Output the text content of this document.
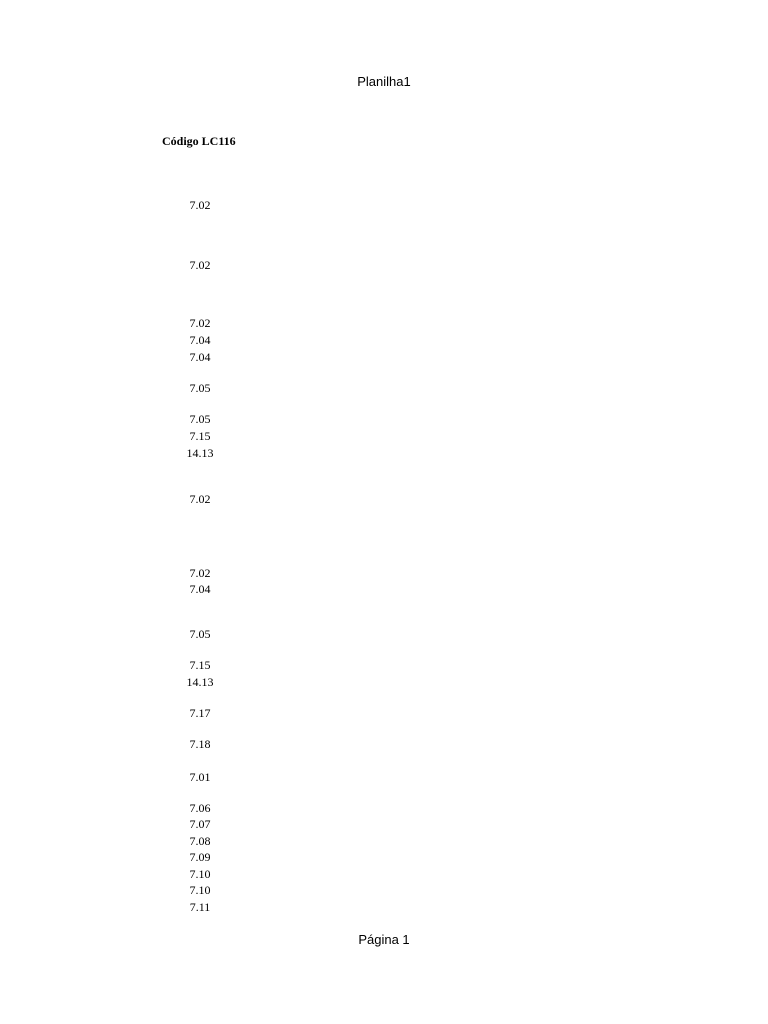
Planilha1
Código LC116
7.02
7.02
7.02
7.04
7.04
7.05
7.05
7.15
14.13
7.02
7.02
7.04
7.05
7.15
14.13
7.17
7.18
7.01
7.06
7.07
7.08
7.09
7.10
7.10
7.11
Página 1
